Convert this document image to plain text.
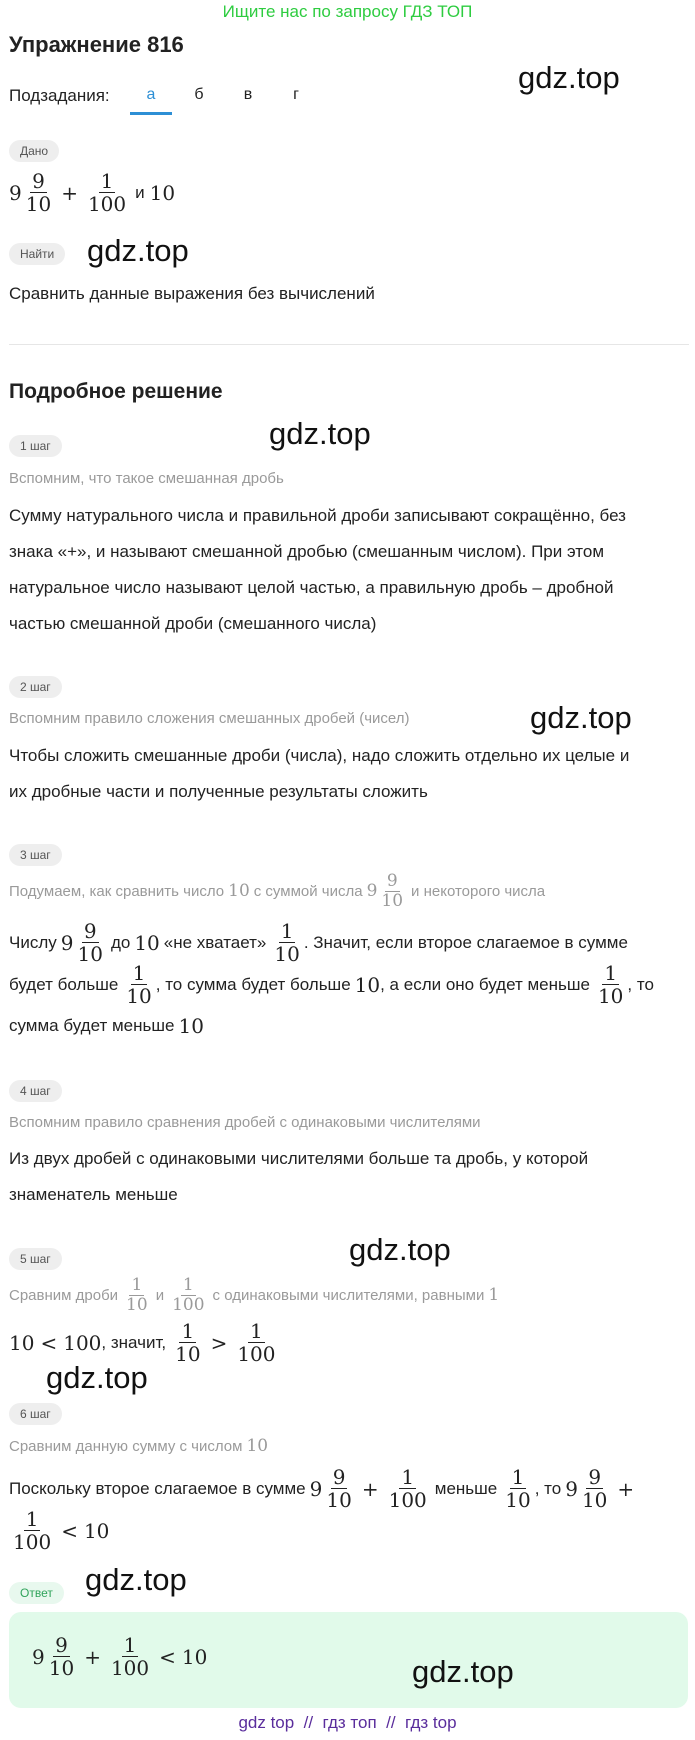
Ищите нас по запросу ГДЗ ТОП
Упражнение 816
Подзадания:	а	б	в	г	gdz.top
Дано
$9 \frac{9}{10} + \frac{1}{100}$ и 10
Найти	gdz.top
Сравнить данные выражения без вычислений
Подробное решение
gdz.top
1 шаг
Вспомним, что такое смешанная дробь
Сумму натурального числа и правильной дроби записывают сокращённо, без
знака «+», и называют смешанной дробью (смешанным числом). При этом
натуральное число называют целой частью, а правильную дробь – дробной
частью смешанной дроби (смешанного числа)
2 шаг
Вспомним правило сложения смешанных дробей (чисел)	gdz.top
Чтобы сложить смешанные дроби (числа), надо сложить отдельно их целые и
их дробные части и полученные результаты сложить
3 шаг
Подумаем, как сравнить число 10 с суммой числа $9 \frac{9}{10}$ и некоторого числа
Числу $9 \frac{9}{10}$ до 10 «не хватает» $\frac{1}{10}$ . Значит, если второе слагаемое в сумме
будет больше $\frac{1}{10}$ , то сумма будет больше 10 , а если оно будет меньше $\frac{1}{10}$ , то
сумма будет меньше 10
4 шаг
Вспомним правило сравнения дробей с одинаковыми числителями
Из двух дробей с одинаковыми числителями больше та дробь, у которой
знаменатель меньше
gdz.top
5 шаг
Сравним дроби $\frac{1}{10}$ и $\frac{1}{100}$ с одинаковыми числителями, равными 1
10 < 100 , значит, $\frac{1}{10} > \frac{1}{100}$
gdz.top
6 шаг
Сравним данную сумму с числом 10
Поскольку второе слагаемое в сумме $9 \frac{9}{10} + \frac{1}{100}$ меньше $\frac{1}{10}$ , то $9 \frac{9}{10}$ +
$\frac{1}{100} < 10$
gdz.top
Ответ
$9 \frac{9}{10} + \frac{1}{100} < 10$	gdz.top
gdz top  //  гдз топ  //  гдз top
